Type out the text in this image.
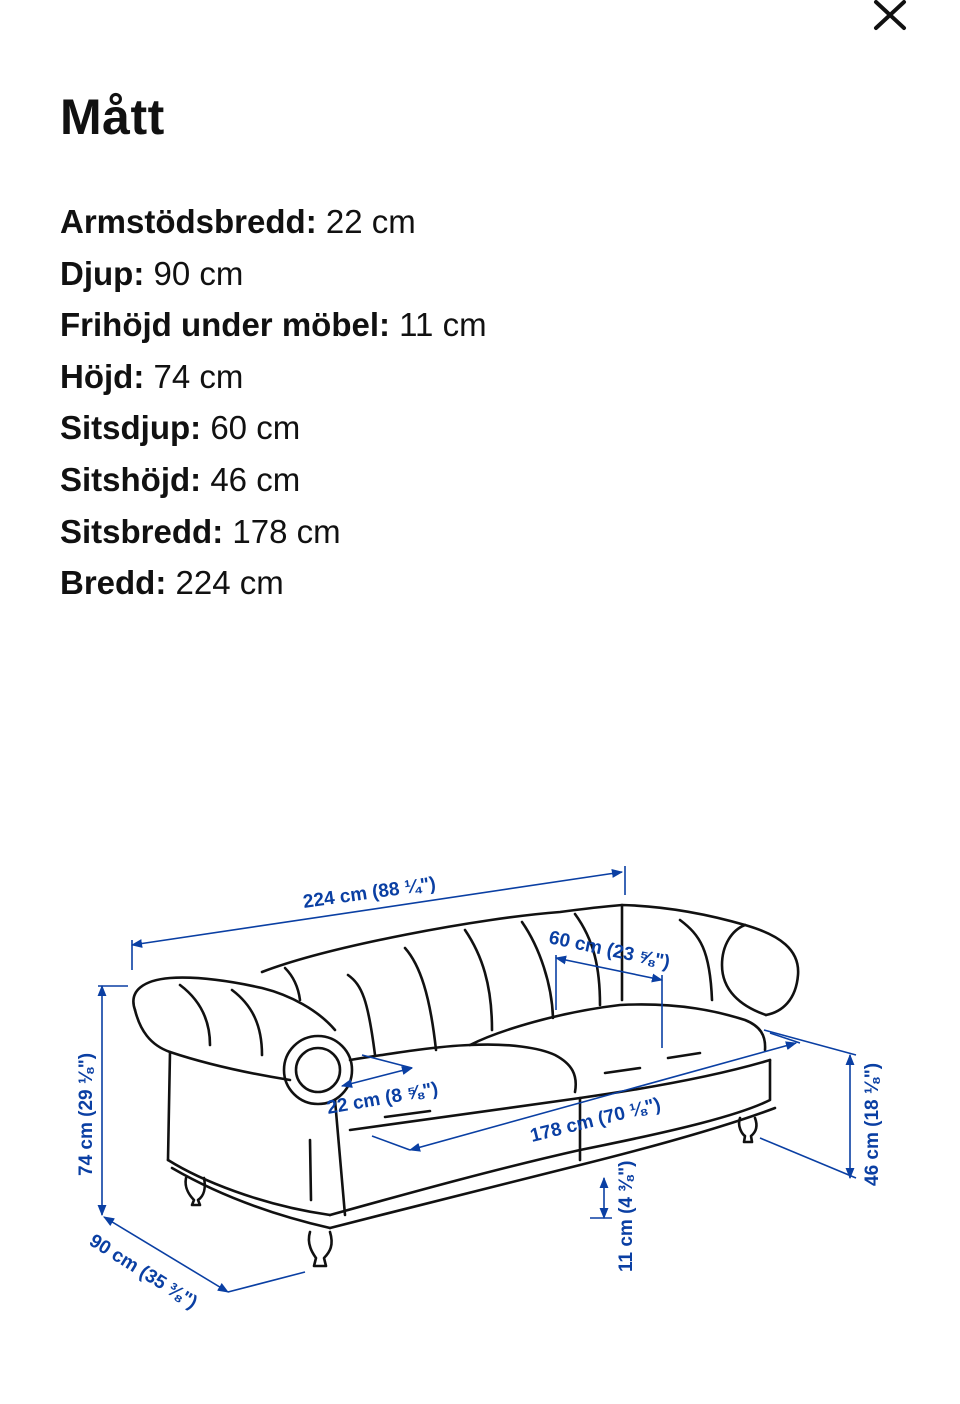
Mått
Armstödsbredd: 22 cm
Djup: 90 cm
Frihöjd under möbel: 11 cm
Höjd: 74 cm
Sitsdjup: 60 cm
Sitshöjd: 46 cm
Sitsbredd: 178 cm
Bredd: 224 cm
224 cm (88 ¼")
60 cm (23 ⅝")
74 cm (29 ⅛")	46 cm (18 ⅛")
22 cm (8 ⅝")	178 cm (70 ⅛")
11 cm (4 ⅜")
90 cm (35 ⅜")
